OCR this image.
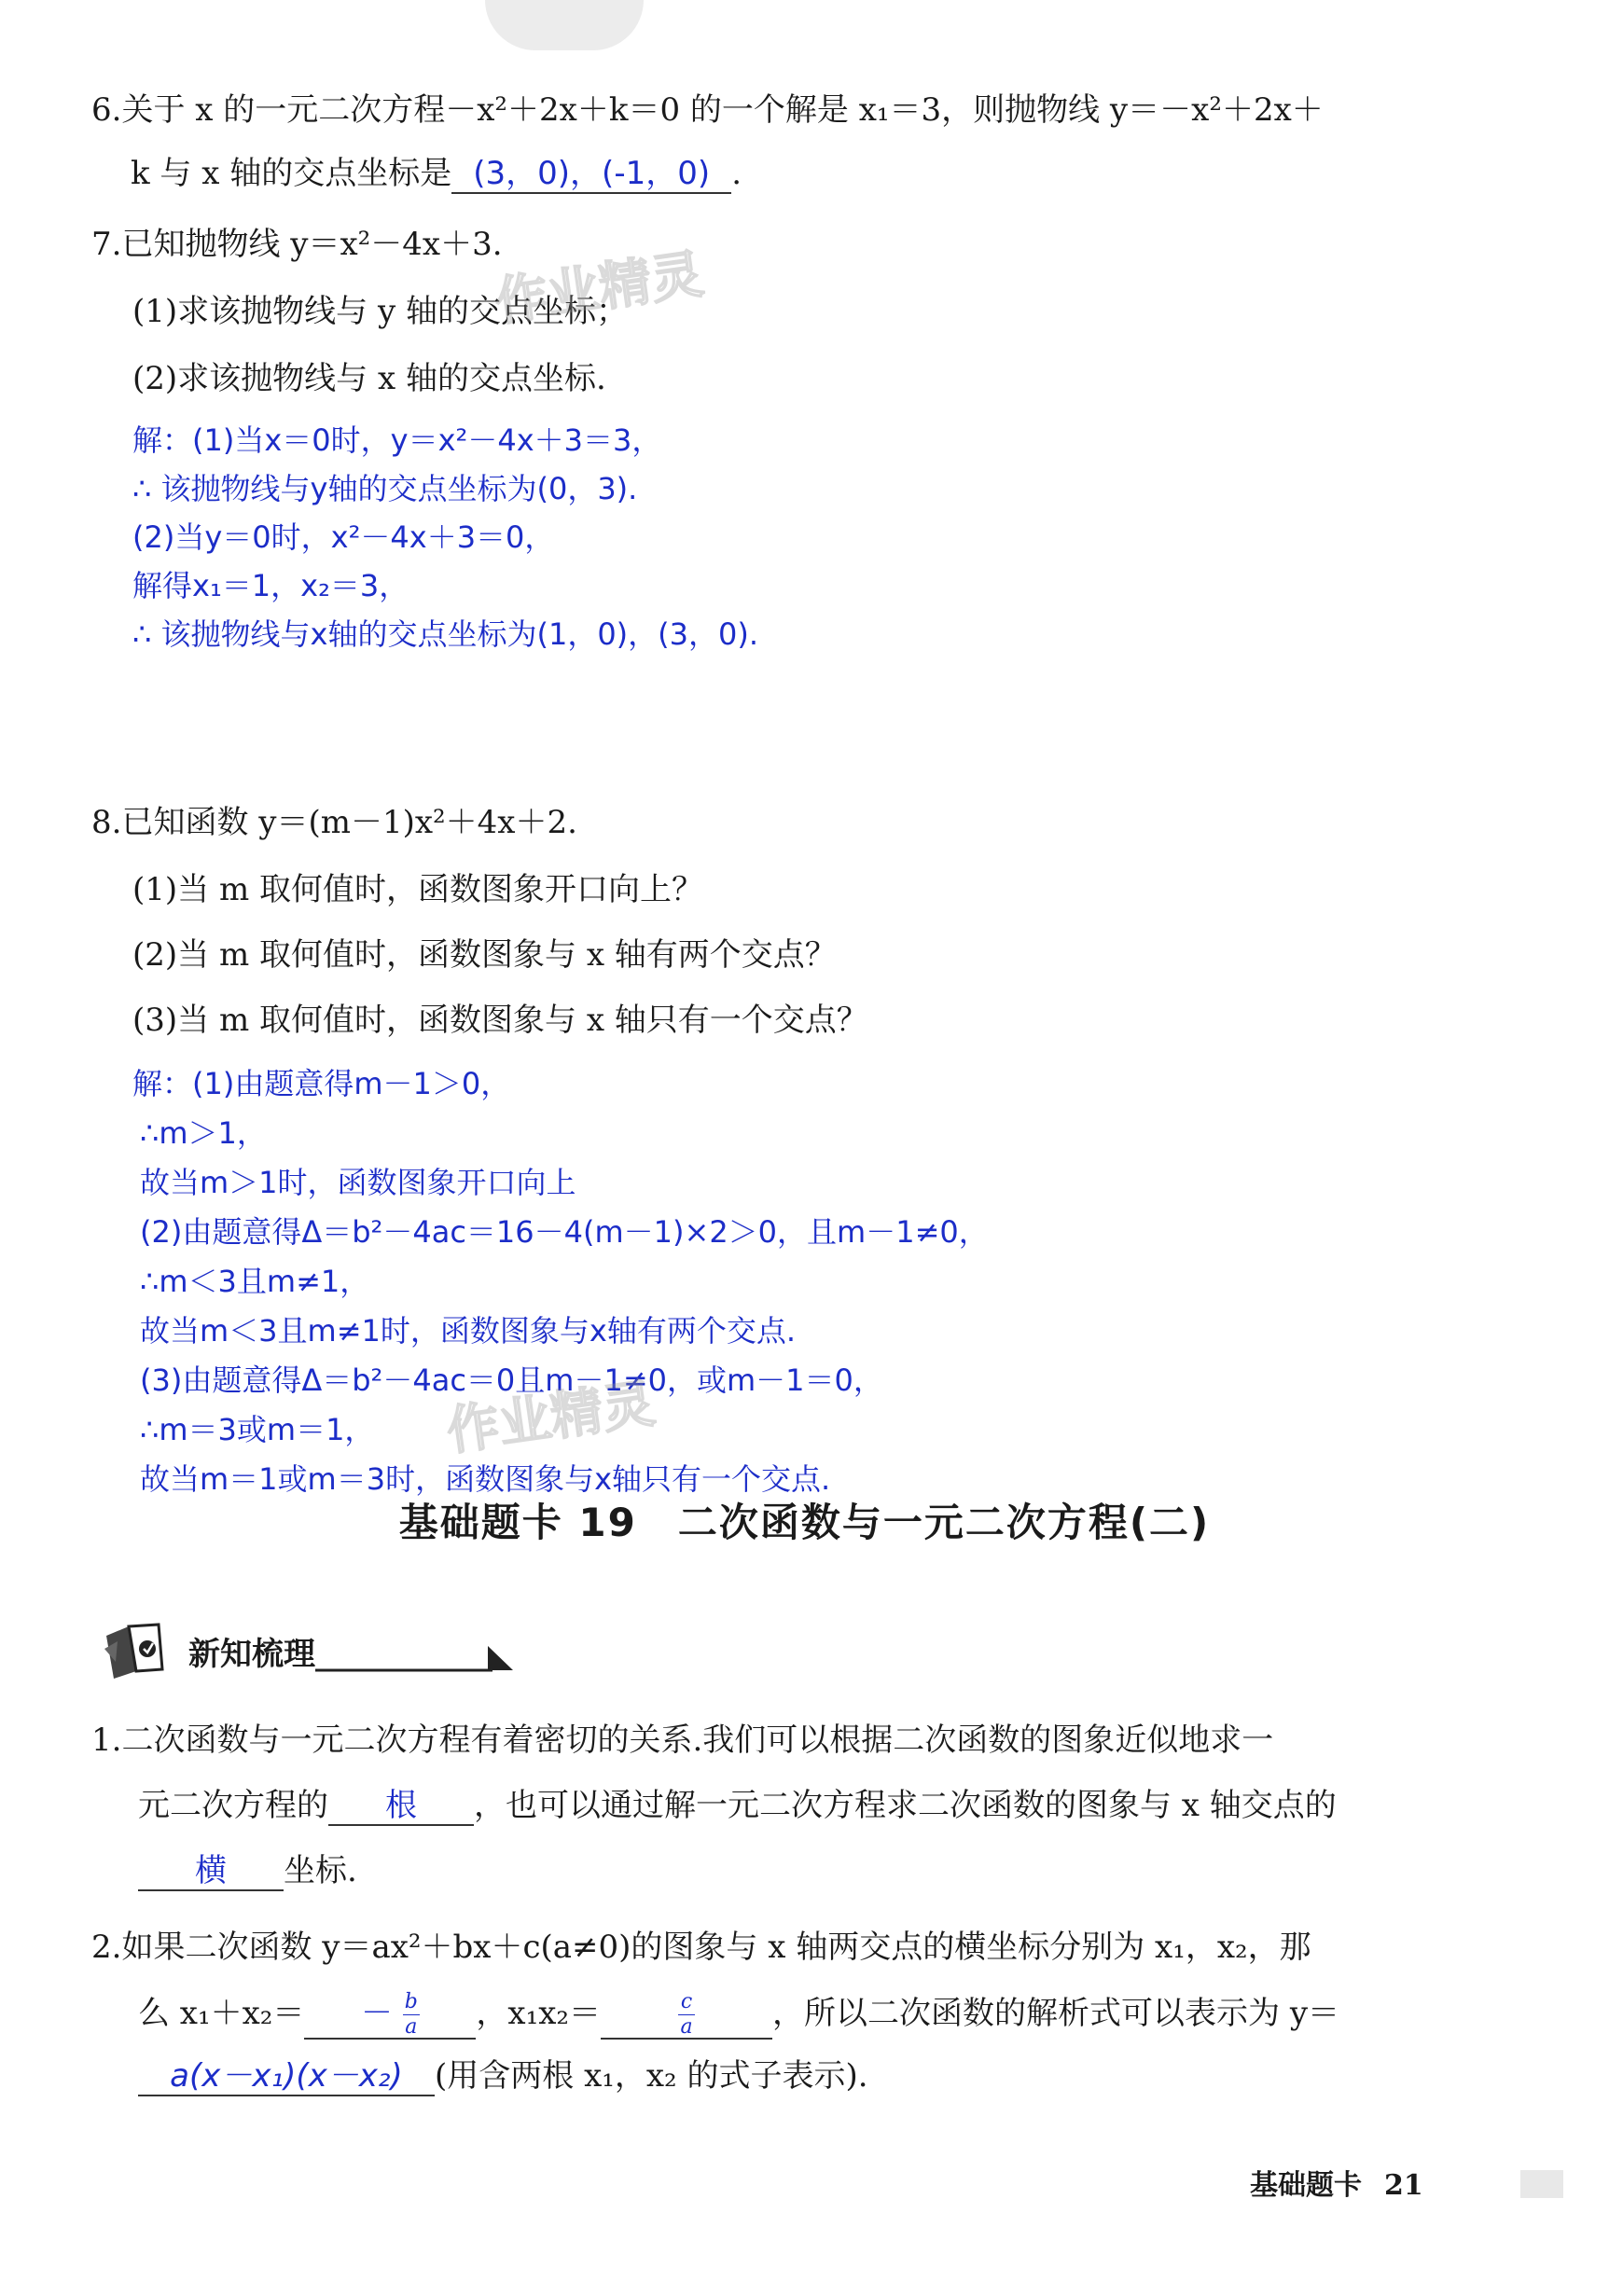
6.关于 x 的一元二次方程－x²＋2x＋k＝0 的一个解是 x₁＝3，则抛物线 y＝－x²＋2x＋
k 与 x 轴的交点坐标是 (3，0)，(-1，0) .
7.已知抛物线 y＝x²－4x＋3.
(1)求该抛物线与 y 轴的交点坐标；
(2)求该抛物线与 x 轴的交点坐标.
解：(1)当x＝0时，y＝x²－4x＋3＝3，
∴ 该抛物线与y轴的交点坐标为(0，3).
(2)当y＝0时，x²－4x＋3＝0，
解得x₁＝1，x₂＝3，
∴ 该抛物线与x轴的交点坐标为(1，0)，(3，0).
作业精灵
8.已知函数 y＝(m－1)x²＋4x＋2.
(1)当 m 取何值时，函数图象开口向上？
(2)当 m 取何值时，函数图象与 x 轴有两个交点？
(3)当 m 取何值时，函数图象与 x 轴只有一个交点？
解：(1)由题意得m－1＞0，
∴m＞1，
故当m＞1时，函数图象开口向上
(2)由题意得Δ＝b²－4ac＝16－4(m－1)×2＞0，且m－1≠0，
∴m＜3且m≠1，
故当m＜3且m≠1时，函数图象与x轴有两个交点.
(3)由题意得Δ＝b²－4ac＝0且m－1≠0，或m－1＝0，
∴m＝3或m＝1，
故当m＝1或m＝3时，函数图象与x轴只有一个交点.
作业精灵
基础题卡 19　二次函数与一元二次方程(二)
新知梳理
1.二次函数与一元二次方程有着密切的关系.我们可以根据二次函数的图象近似地求一
元二次方程的 根 ，也可以通过解一元二次方程求二次函数的图象与 x 轴交点的
横 坐标.
2.如果二次函数 y＝ax²＋bx＋c(a≠0)的图象与 x 轴两交点的横坐标分别为 x₁，x₂，那
么 $x_1+x_2= - \frac{b}{a}$ ，x₁x₂＝	$\frac{c}{a}$ ，所以二次函数的解析式可以表示为 y＝
a(x－x₁)(x－x₂) (用含两根 x₁，x₂ 的式子表示).
基础题卡 21
